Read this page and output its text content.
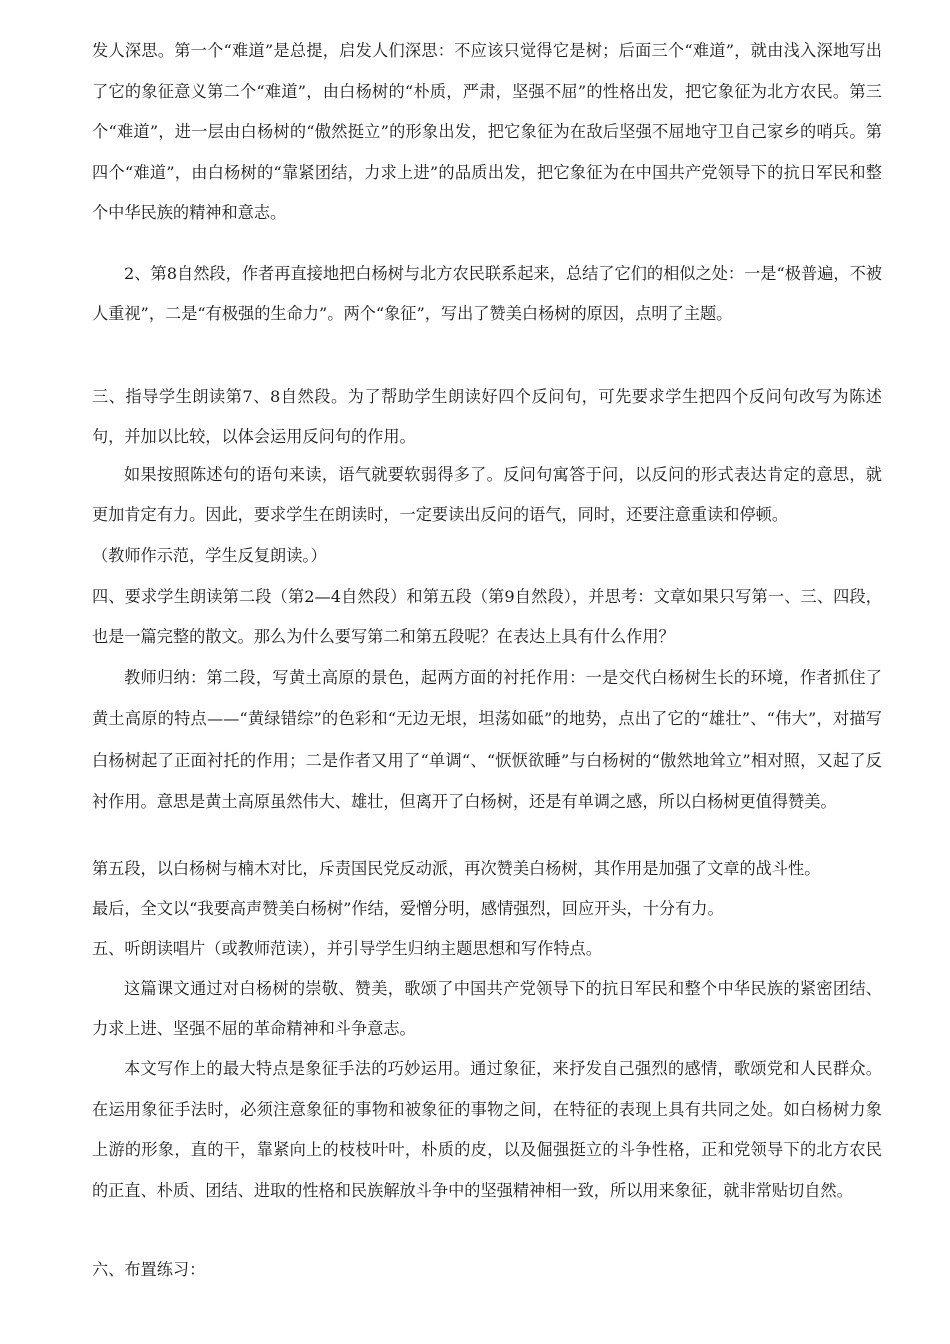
发人深思。第一个“难道”是总提，启发人们深思：不应该只觉得它是树；后面三个“难道”，就由浅入深地写出了它的象征意义第二个“难道”，由白杨树的“朴质，严肃，坚强不屈”的性格出发，把它象征为北方农民。第三个“难道”，进一层由白杨树的“傲然挺立”的形象出发，把它象征为在敌后坚强不屈地守卫自己家乡的哨兵。第四个“难道”，由白杨树的“靠紧团结，力求上进”的品质出发，把它象征为在中国共产党领导下的抗日军民和整个中华民族的精神和意志。

2、第8自然段，作者再直接地把白杨树与北方农民联系起来，总结了它们的相似之处：一是“极普遍，不被人重视”，二是“有极强的生命力”。两个“象征”，写出了赞美白杨树的原因，点明了主题。

三、指导学生朗读第7、8自然段。为了帮助学生朗读好四个反问句，可先要求学生把四个反问句改写为陈述句，并加以比较，以体会运用反问句的作用。

如果按照陈述句的语句来读，语气就要软弱得多了。反问句寓答于问，以反问的形式表达肯定的意思，就更加肯定有力。因此，要求学生在朗读时，一定要读出反问的语气，同时，还要注意重读和停顿。

（教师作示范，学生反复朗读。）

四、要求学生朗读第二段（第2—4自然段）和第五段（第9自然段），并思考：文章如果只写第一、三、四段，也是一篇完整的散文。那么为什么要写第二和第五段呢？在表达上具有什么作用？

教师归纳：第二段，写黄土高原的景色，起两方面的衬托作用：一是交代白杨树生长的环境，作者抓住了黄土高原的特点——“黄绿错综”的色彩和“无边无垠，坦荡如砥”的地势，点出了它的“雄壮”、“伟大”，对描写白杨树起了正面衬托的作用；二是作者又用了“单调“、“恹恹欲睡”与白杨树的“傲然地耸立”相对照，又起了反衬作用。意思是黄土高原虽然伟大、雄壮，但离开了白杨树，还是有单调之感，所以白杨树更值得赞美。

第五段，以白杨树与楠木对比，斥责国民党反动派，再次赞美白杨树，其作用是加强了文章的战斗性。

最后，全文以“我要高声赞美白杨树”作结，爱憎分明，感情强烈，回应开头，十分有力。

五、听朗读唱片（或教师范读），并引导学生归纳主题思想和写作特点。

这篇课文通过对白杨树的崇敬、赞美，歌颂了中国共产党领导下的抗日军民和整个中华民族的紧密团结、力求上进、坚强不屈的革命精神和斗争意志。

本文写作上的最大特点是象征手法的巧妙运用。通过象征，来抒发自己强烈的感情，歌颂党和人民群众。在运用象征手法时，必须注意象征的事物和被象征的事物之间，在特征的表现上具有共同之处。如白杨树力象上游的形象，直的干，靠紧向上的枝枝叶叶，朴质的皮，以及倔强挺立的斗争性格，正和党领导下的北方农民的正直、朴质、团结、进取的性格和民族解放斗争中的坚强精神相一致，所以用来象征，就非常贴切自然。

六、布置练习：
